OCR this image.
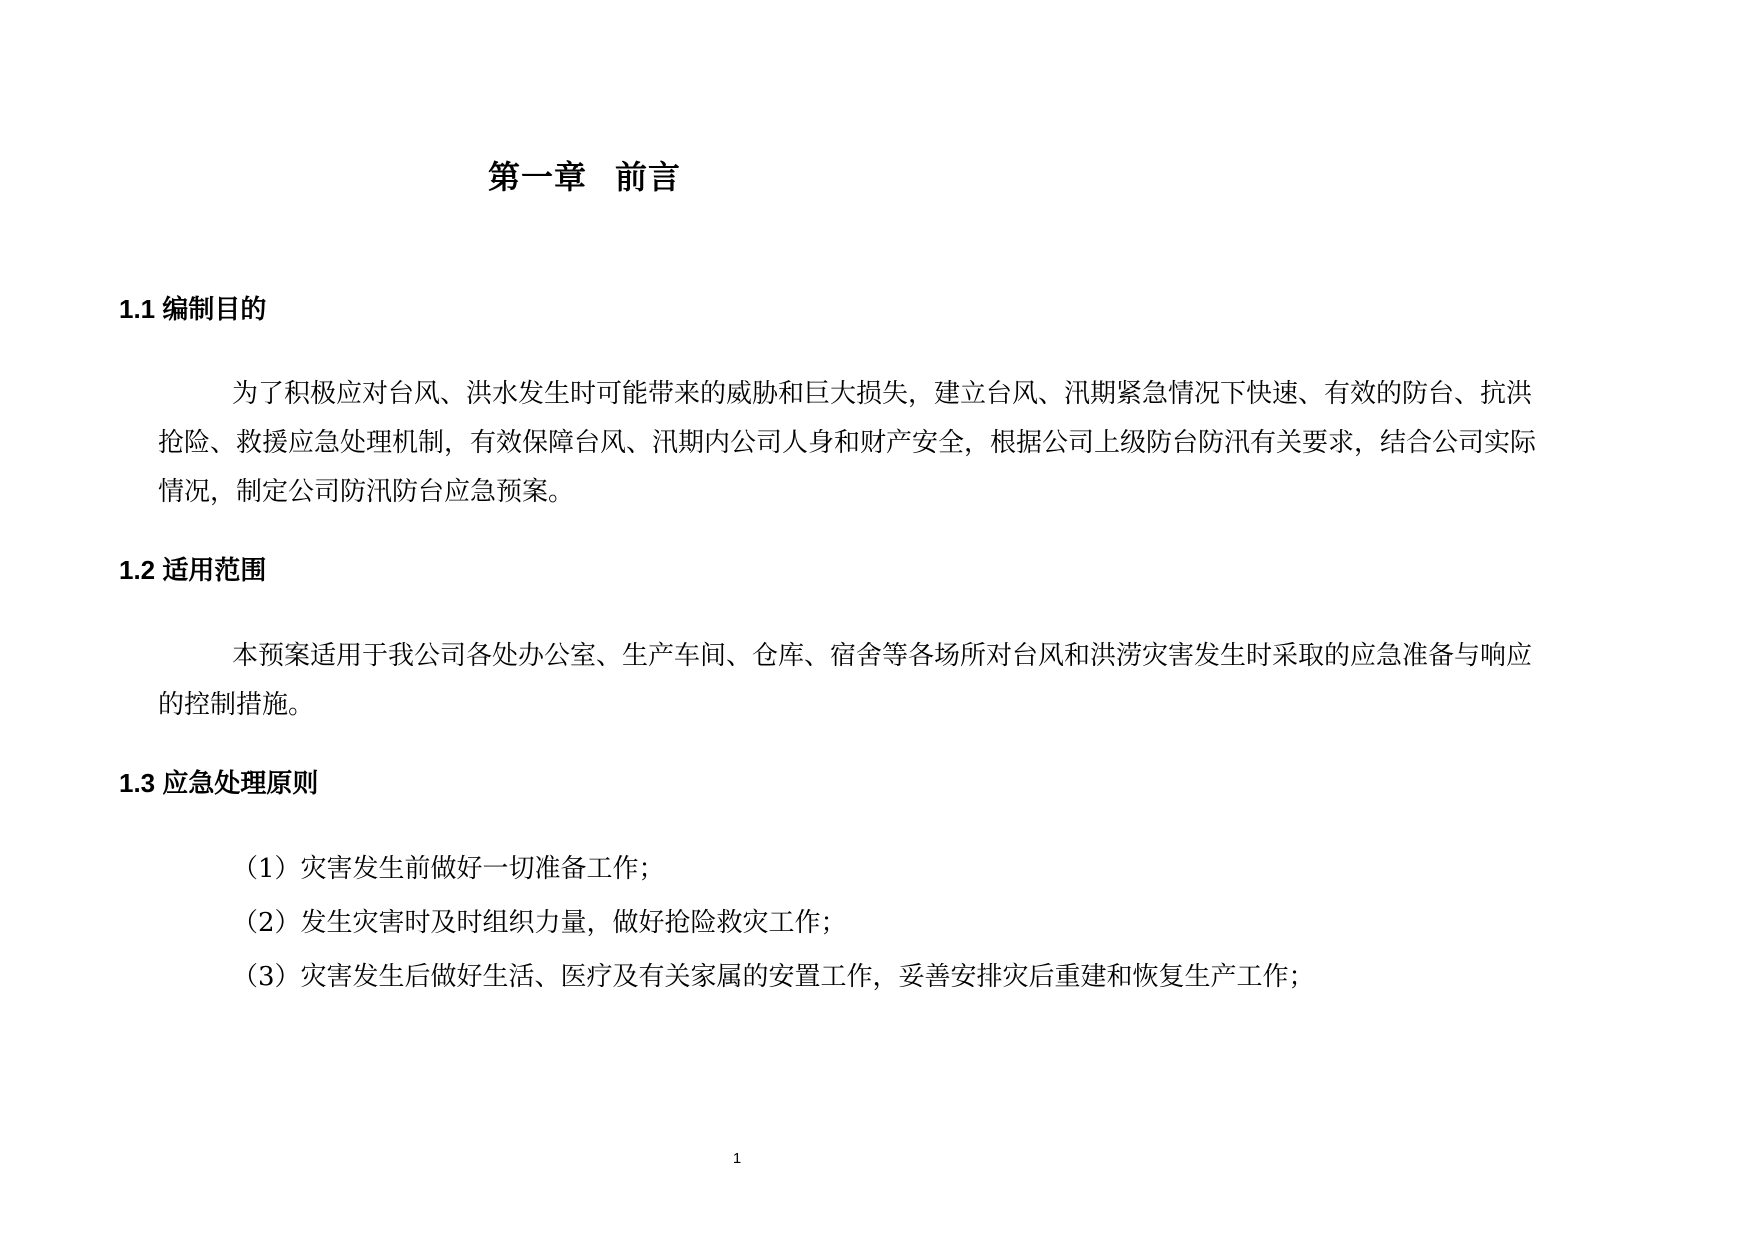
第一章 前言
1.1 编制目的

为了积极应对台风、洪水发生时可能带来的威胁和巨大损失，建立台风、汛期紧急情况下快速、有效的防台、抗洪抢险、救援应急处理机制，有效保障台风、汛期内公司人身和财产安全，根据公司上级防台防汛有关要求，结合公司实际情况，制定公司防汛防台应急预案。

1.2 适用范围

本预案适用于我公司各处办公室、生产车间、仓库、宿舍等各场所对台风和洪涝灾害发生时采取的应急准备与响应的控制措施。

1.3 应急处理原则
（1）灾害发生前做好一切准备工作；
（2）发生灾害时及时组织力量，做好抢险救灾工作；
（3）灾害发生后做好生活、医疗及有关家属的安置工作，妥善安排灾后重建和恢复生产工作；
1
